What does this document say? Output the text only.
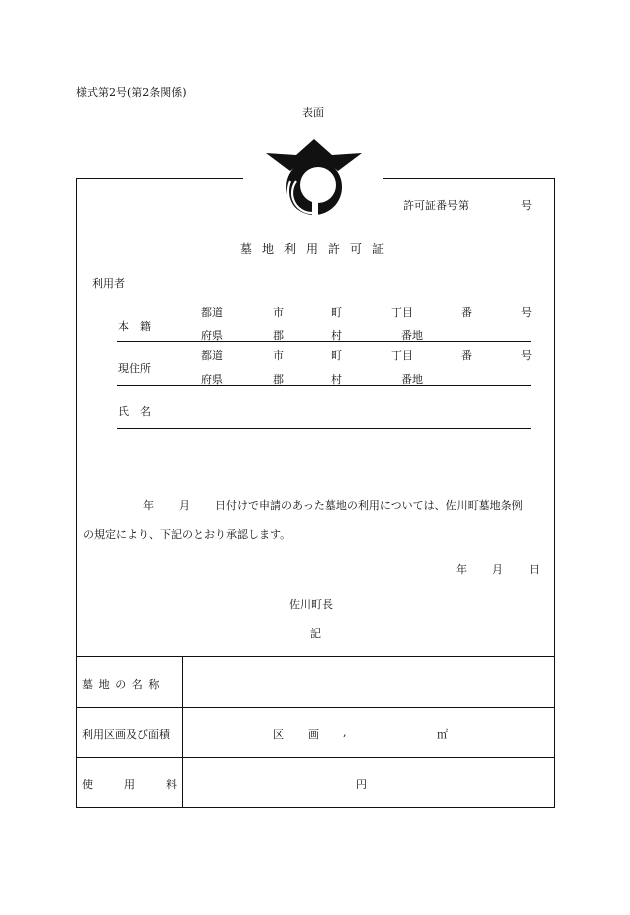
様式第2号(第2条関係)
表面
許可証番号第	号
墓地利用許可証
利用者
本　籍
都道	市	町	丁目	番	号
府県	郡	村	番地
現住所
都道	市	町	丁目	番	号
府県	郡	村	番地
氏　名
年 月 日付けで申請のあった墓地の利用については、佐川町墓地条例
の規定により、下記のとおり承認します。
年 月 日
佐川町長
記
墓地の名称
利用区画及び面積	区 画 ,	㎡
使	用	料	円
